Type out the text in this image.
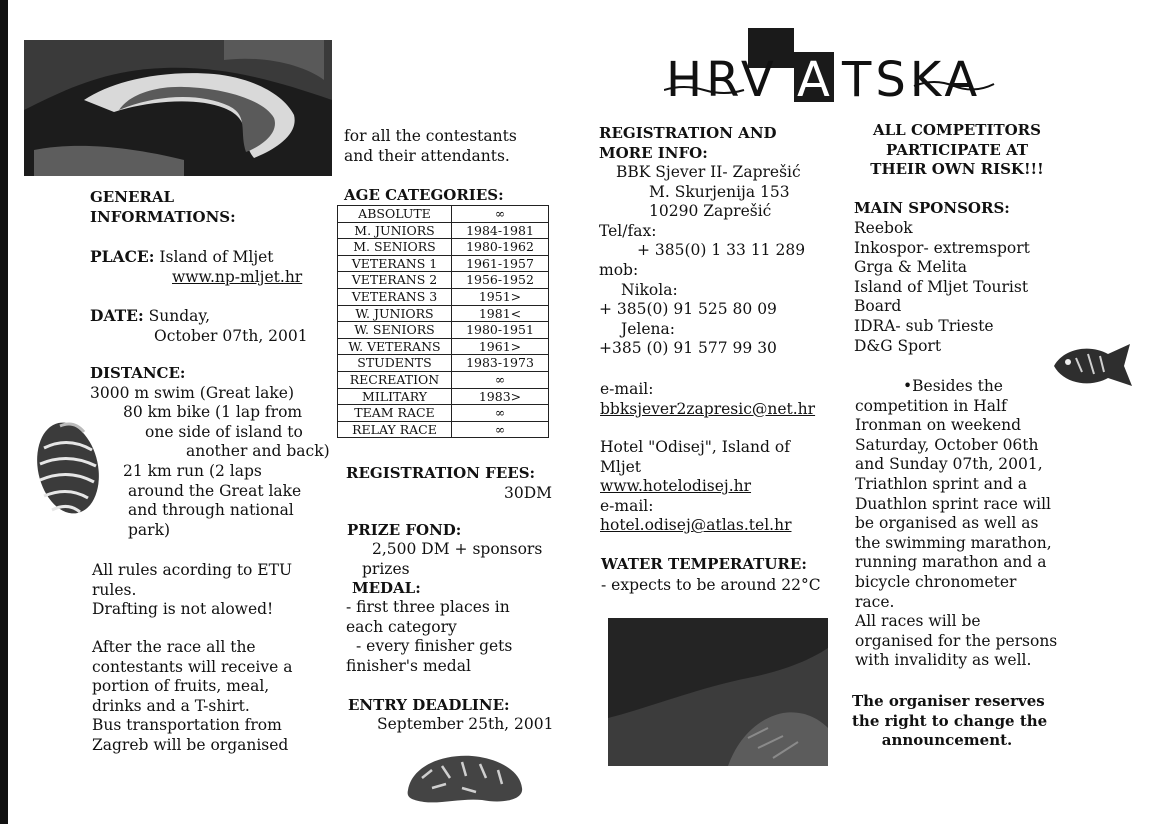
GENERAL
INFORMATIONS:
PLACE: Island of Mljet
www.np-mljet.hr
DATE: Sunday,
October 07th, 2001
DISTANCE:
3000 m swim (Great lake)
80 km bike (1 lap from
one side of island to
another and back)
21 km run (2 laps
around the Great lake
and through national
park)
All rules acording to ETU
rules.
Drafting is not alowed!
After the race all the
contestants will receive a
portion of fruits, meal,
drinks and a T-shirt.
Bus transportation from
Zagreb will be organised
for all the contestants
and their attendants.
AGE CATEGORIES:
ABSOLUTE	∞
M. JUNIORS	1984-1981
M. SENIORS	1980-1962
VETERANS 1	1961-1957
VETERANS 2	1956-1952
VETERANS 3	1951>
W. JUNIORS	1981<
W. SENIORS	1980-1951
W. VETERANS	1961>
STUDENTS	1983-1973
RECREATION	∞
MILITARY	1983>
TEAM RACE	∞
RELAY RACE	∞
REGISTRATION FEES:
30DM
PRIZE FOND:
2,500 DM + sponsors
prizes
MEDAL:
- first three places in
each category
- every finisher gets
finisher's medal
ENTRY DEADLINE:
September 25th, 2001
HRV A TSKA
REGISTRATION AND
MORE INFO:
BBK Sjever II- Zaprešić
M. Skurjenija 153
10290 Zaprešić
Tel/fax:
+ 385(0) 1 33 11 289
mob:
Nikola:
+ 385(0) 91 525 80 09
Jelena:
+385 (0) 91 577 99 30
e-mail:
bbksjever2zapresic@net.hr
Hotel "Odisej", Island of
Mljet
www.hotelodisej.hr
e-mail:
hotel.odisej@atlas.tel.hr
WATER TEMPERATURE:
- expects to be around 22°C
ALL COMPETITORS
PARTICIPATE AT
THEIR OWN RISK!!!
MAIN SPONSORS:
Reebok
Inkospor- extremsport
Grga & Melita
Island of Mljet Tourist
Board
IDRA- sub Trieste
D&G Sport
•Besides the
competition in Half
Ironman on weekend
Saturday, October 06th
and Sunday 07th, 2001,
Triathlon sprint and a
Duathlon sprint race will
be organised as well as
the swimming marathon,
running marathon and a
bicycle chronometer
race.
All races will be
organised for the persons
with invalidity as well.
The organiser reserves
the right to change the
announcement.
